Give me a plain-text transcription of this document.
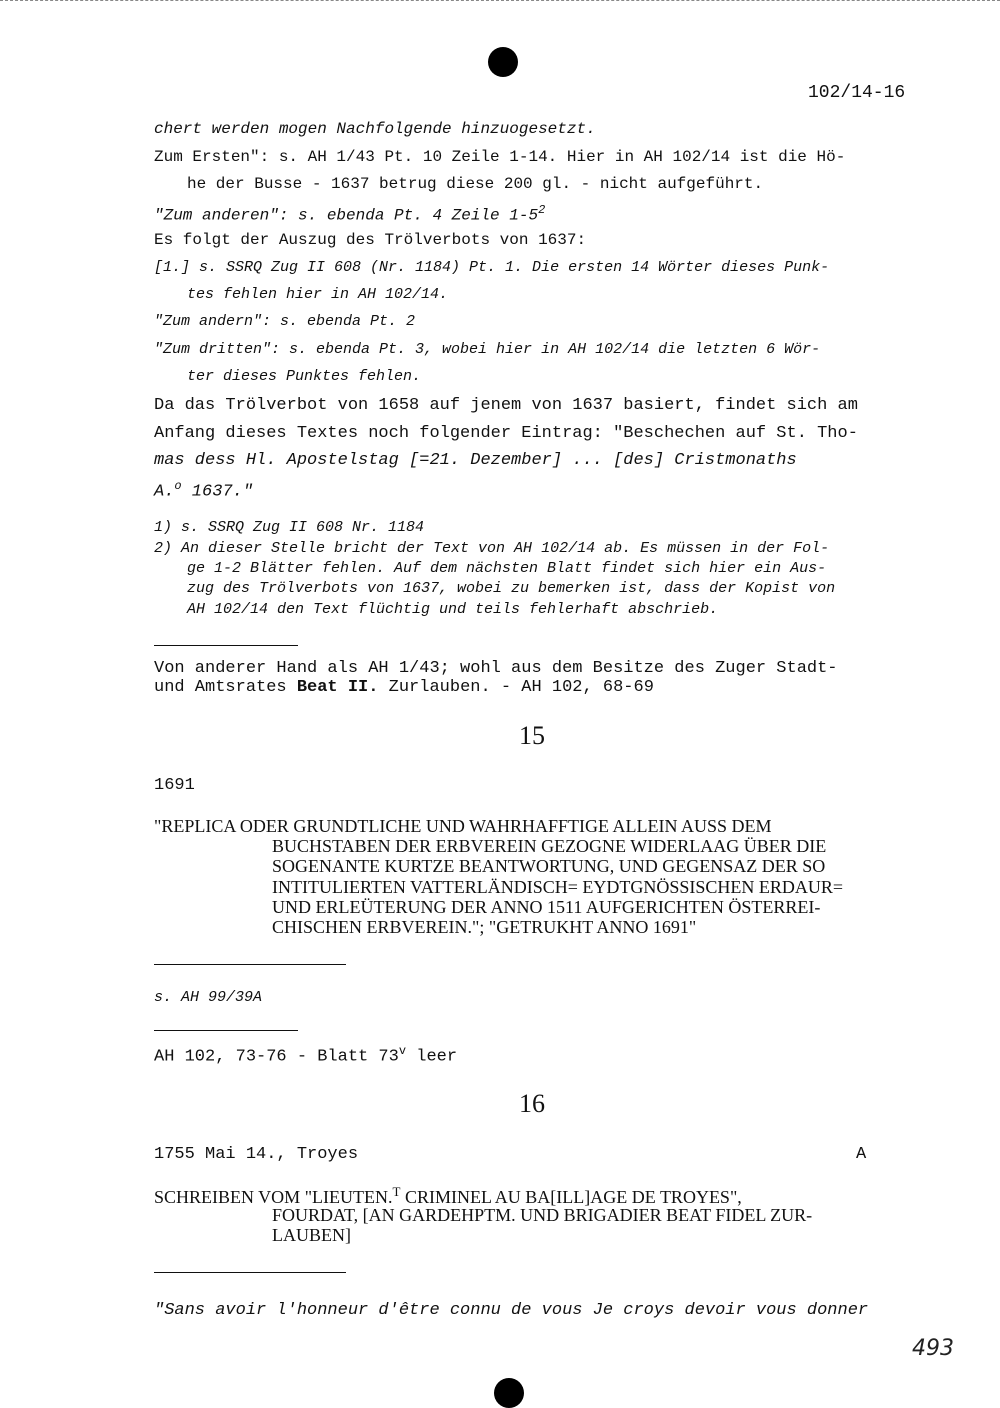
102/14-16
chert werden mogen Nachfolgende hinzuogesetzt.
Zum Ersten": s. AH 1/43 Pt. 10 Zeile 1-14. Hier in AH 102/14 ist die Hö-
he der Busse - 1637 betrug diese 200 gl. - nicht aufgeführt.
"Zum anderen": s. ebenda Pt. 4 Zeile $1-5^2$
Es folgt der Auszug des Trölverbots von 1637:
[1.] s. SSRQ Zug II 608 (Nr. 1184) Pt. 1. Die ersten 14 Wörter dieses Punk-
tes fehlen hier in AH 102/14.
"Zum andern": s. ebenda Pt. 2
"Zum dritten": s. ebenda Pt. 3, wobei hier in AH 102/14 die letzten 6 Wör-
ter dieses Punktes fehlen.
Da das Trölverbot von 1658 auf jenem von 1637 basiert, findet sich am
Anfang dieses Textes noch folgender Eintrag: "Beschechen auf St. Tho-
mas dess Hl. Apostelstag [=21. Dezember] ... [des] Cristmonaths
A.$^o$ 1637."
1) s. SSRQ Zug II 608 Nr. 1184
2) An dieser Stelle bricht der Text von AH 102/14 ab. Es müssen in der Fol-
ge 1-2 Blätter fehlen. Auf dem nächsten Blatt findet sich hier ein Aus-
zug des Trölverbots von 1637, wobei zu bemerken ist, dass der Kopist von
AH 102/14 den Text flüchtig und teils fehlerhaft abschrieb.
Von anderer Hand als AH 1/43; wohl aus dem Besitze des Zuger Stadt-
und Amtsrates Beat II. Zurlauben. - AH 102, 68-69
15
1691
"REPLICA ODER GRUNDTLICHE UND WAHRHAFFTIGE ALLEIN AUSS DEM
BUCHSTABEN DER ERBVEREIN GEZOGNE WIDERLAAG ÜBER DIE
SOGENANTE KURTZE BEANTWORTUNG, UND GEGENSAZ DER SO
INTITULIERTEN VATTERLÄNDISCH= EYDTGNÖSSISCHEN ERDAUR=
UND ERLEÜTERUNG DER ANNO 1511 AUFGERICHTEN ÖSTERREI-
CHISCHEN ERBVEREIN."; "GETRUKHT ANNO 1691"
s. AH 99/39A
AH 102, 73-76 - Blatt 73$^v$ leer
16
1755 Mai 14., Troyes	A
SCHREIBEN VOM "LIEUTEN.$^T$ CRIMINEL AU BA[ILL]AGE DE TROYES",
FOURDAT, [AN GARDEHPTM. UND BRIGADIER BEAT FIDEL ZUR-
LAUBEN]
"Sans avoir l'honneur d'être connu de vous Je croys devoir vous donner
493
